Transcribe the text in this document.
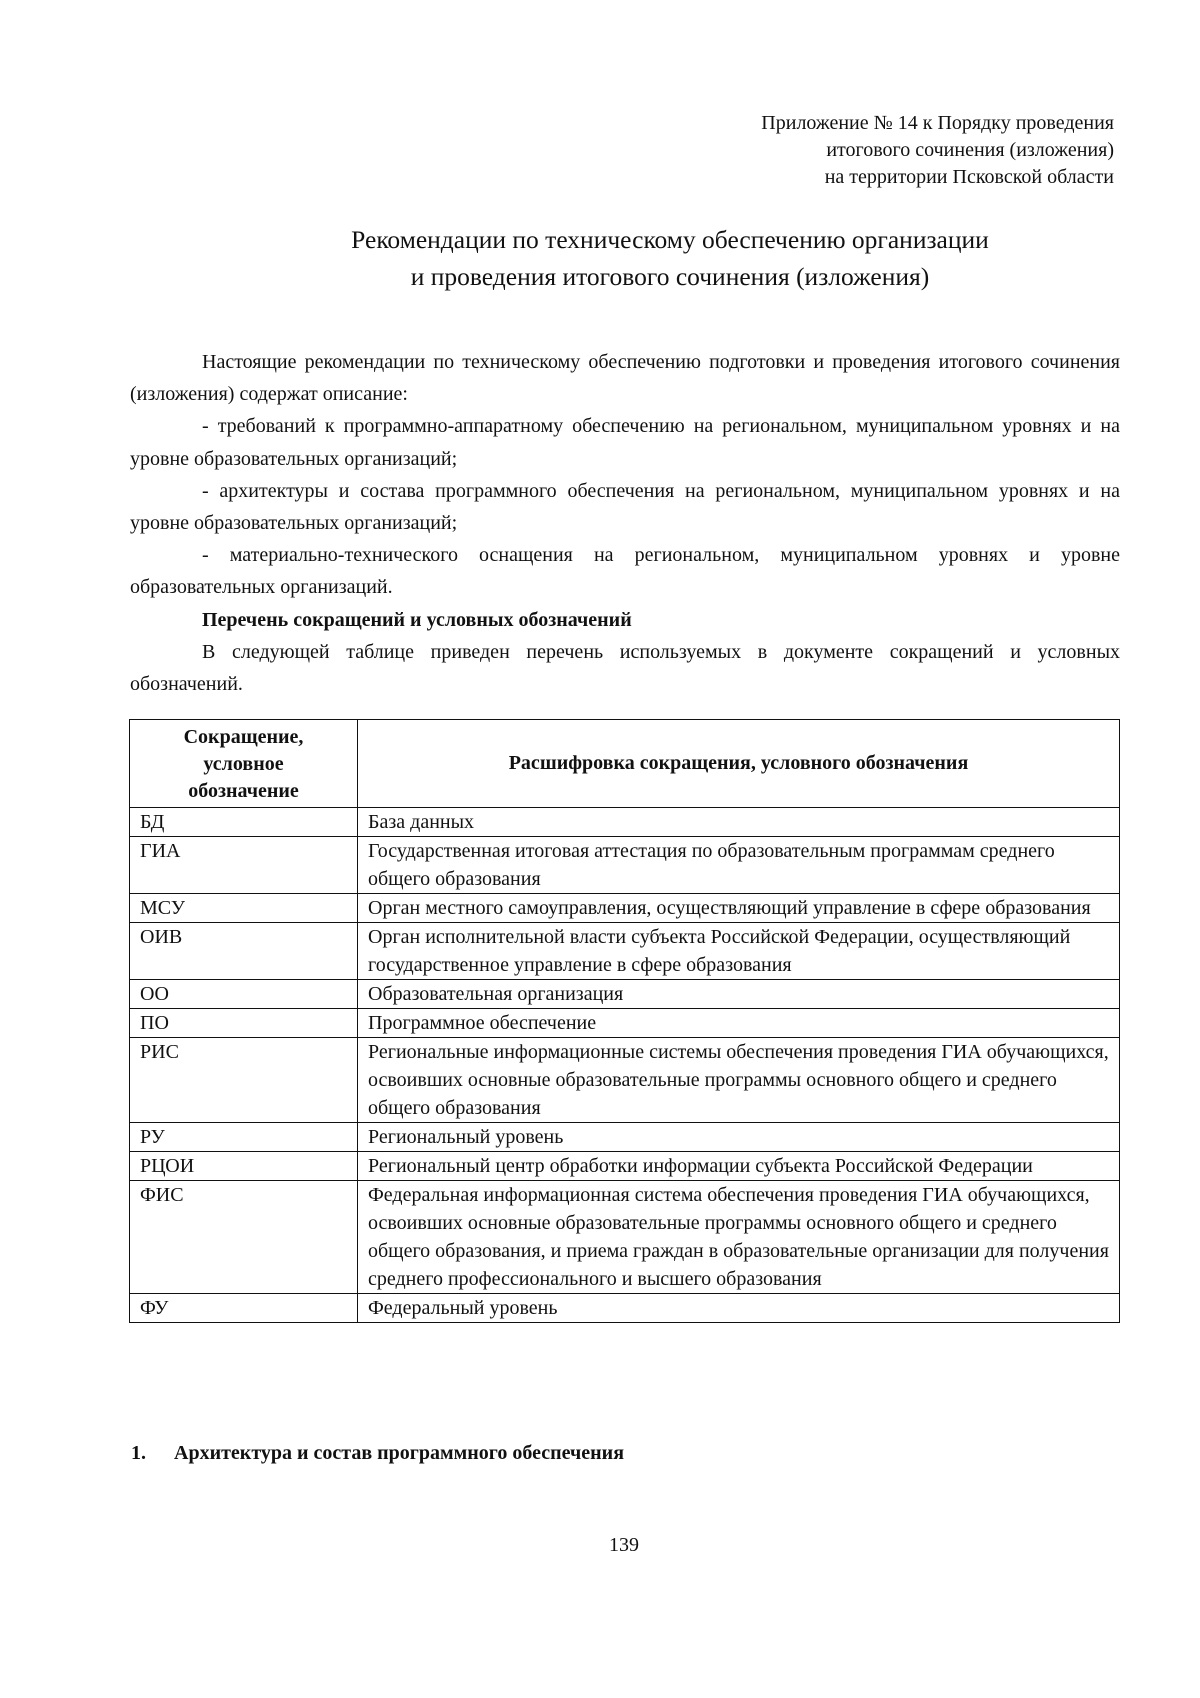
Приложение № 14 к Порядку проведения
итогового сочинения (изложения)
на территории Псковской области
Рекомендации по техническому обеспечению организации
и проведения итогового сочинения (изложения)

Настоящие рекомендации по техническому обеспечению подготовки и проведения итогового сочинения (изложения) содержат описание:

- требований к программно-аппаратному обеспечению на региональном, муниципальном уровнях и на уровне образовательных организаций;

- архитектуры и состава программного обеспечения на региональном, муниципальном уровнях и на уровне образовательных организаций;

- материально-технического оснащения на региональном, муниципальном уровнях и уровне образовательных организаций.

Перечень сокращений и условных обозначений

В следующей таблице приведен перечень используемых в документе сокращений и условных обозначений.

Сокращение, условное обозначение	Расшифровка сокращения, условного обозначения
БД	База данных
ГИА	Государственная итоговая аттестация по образовательным программам среднего общего образования
МСУ	Орган местного самоуправления, осуществляющий управление в сфере образования
ОИВ	Орган исполнительной власти субъекта Российской Федерации, осуществляющий государственное управление в сфере образования
ОО	Образовательная организация
ПО	Программное обеспечение
РИС	Региональные информационные системы обеспечения проведения ГИА обучающихся, освоивших основные образовательные программы основного общего и среднего общего образования
РУ	Региональный уровень
РЦОИ	Региональный центр обработки информации субъекта Российской Федерации
ФИС	Федеральная информационная система обеспечения проведения ГИА обучающихся, освоивших основные образовательные программы основного общего и среднего общего образования, и приема граждан в образовательные организации для получения среднего профессионального и высшего образования
ФУ	Федеральный уровень
1. Архитектура и состав программного обеспечения
139
